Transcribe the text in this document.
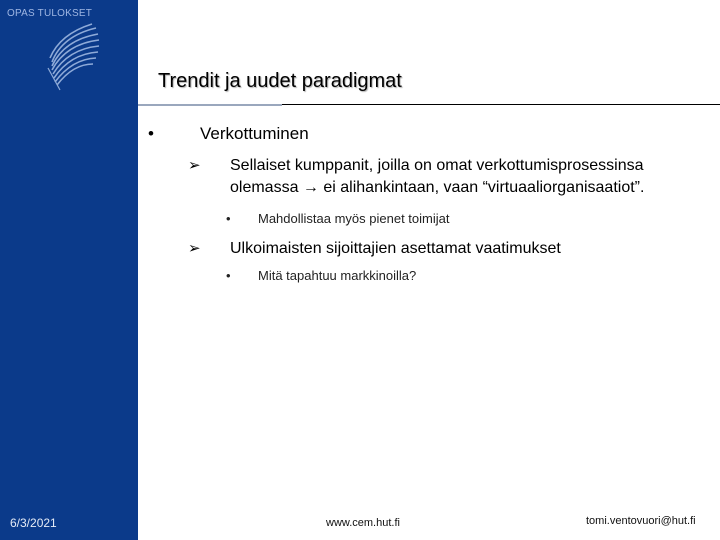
OPAS TULOKSET
6/3/2021
Trendit ja uudet paradigmat
•	Verkottuminen
➢ Sellaiset kumppanit, joilla on omat verkottumisprosessinsa
olemassa → ei alihankintaan, vaan “virtuaaliorganisaatiot”.
• Mahdollistaa myös pienet toimijat
➢ Ulkoimaisten sijoittajien asettamat vaatimukset
• Mitä tapahtuu markkinoilla?
www.cem.hut.fi	tomi.ventovuori@hut.fi
